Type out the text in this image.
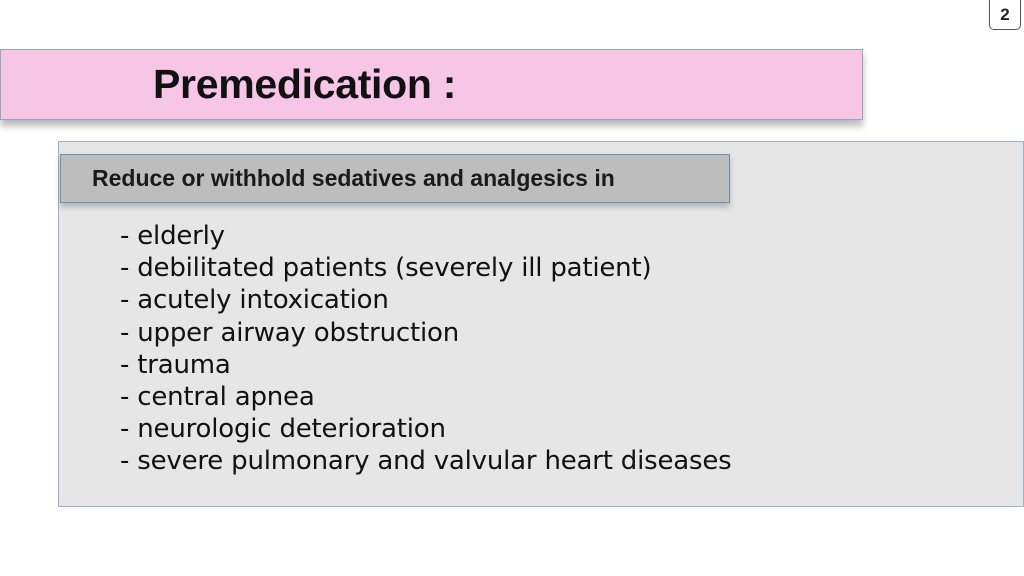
2
Premedication :

Reduce or withhold sedatives and analgesics in

- elderly
- debilitated patients (severely ill patient)
- acutely intoxication
- upper airway obstruction
- trauma
- central apnea
- neurologic deterioration
- severe pulmonary and valvular heart diseases
